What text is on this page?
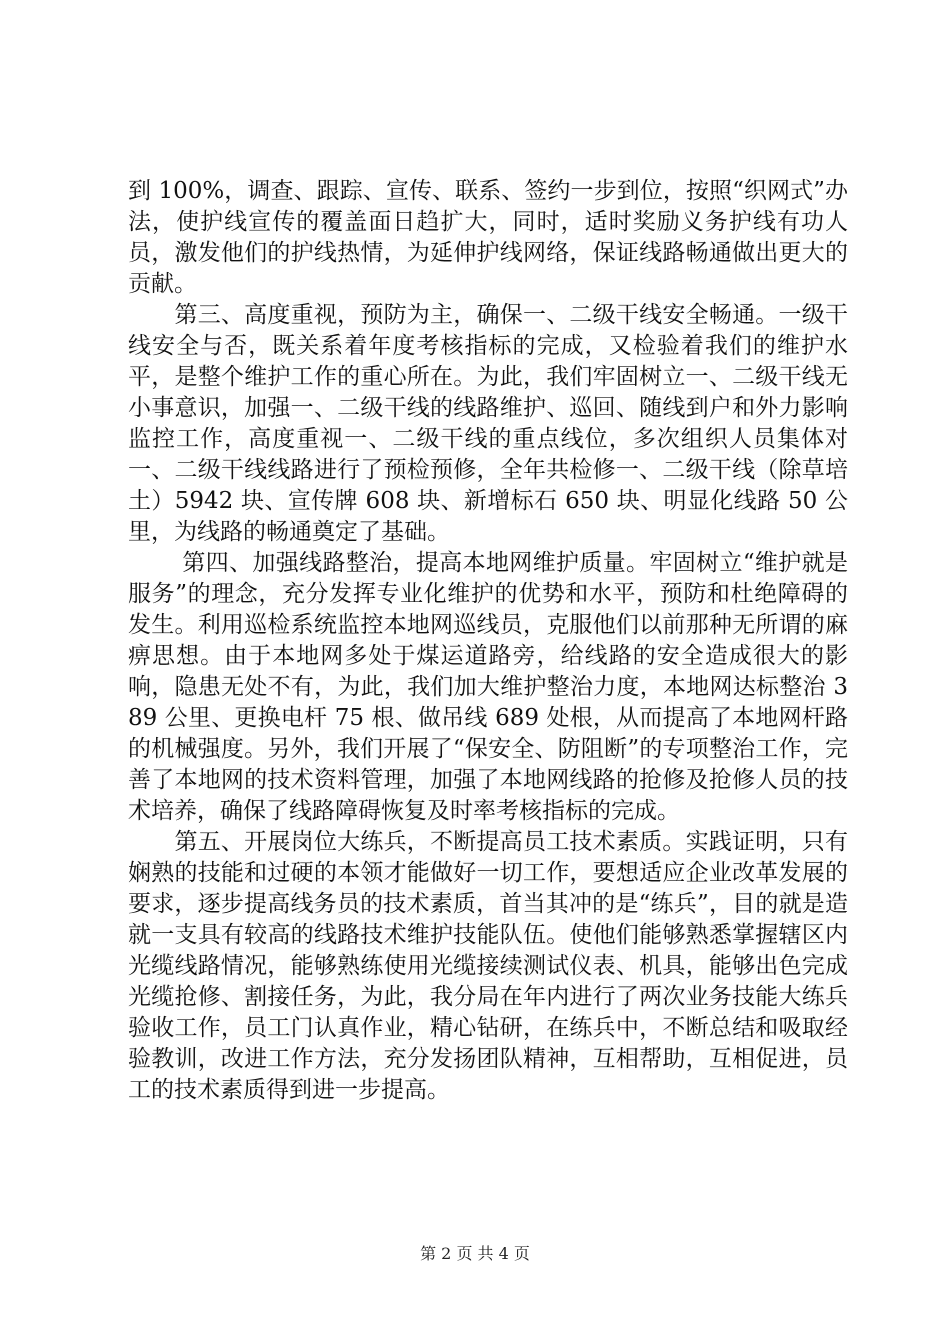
到 100%，调查、跟踪、宣传、联系、签约一步到位，按照“织网式”办法，使护线宣传的覆盖面日趋扩大，同时，适时奖励义务护线有功人员，激发他们的护线热情，为延伸护线网络，保证线路畅通做出更大的贡献。

　　第三、高度重视，预防为主，确保一、二级干线安全畅通。一级干线安全与否，既关系着年度考核指标的完成，又检验着我们的维护水平，是整个维护工作的重心所在。为此，我们牢固树立一、二级干线无小事意识，加强一、二级干线的线路维护、巡回、随线到户和外力影响监控工作，高度重视一、二级干线的重点线位，多次组织人员集体对一、二级干线线路进行了预检预修，全年共检修一、二级干线（除草培土）5942 块、宣传牌 608 块、新增标石 650 块、明显化线路 50 公里，为线路的畅通奠定了基础。

　　 第四、加强线路整治，提高本地网维护质量。牢固树立“维护就是服务”的理念，充分发挥专业化维护的优势和水平，预防和杜绝障碍的发生。利用巡检系统监控本地网巡线员，克服他们以前那种无所谓的麻痹思想。由于本地网多处于煤运道路旁，给线路的安全造成很大的影响，隐患无处不有，为此，我们加大维护整治力度，本地网达标整治 389 公里、更换电杆 75 根、做吊线 689 处根，从而提高了本地网杆路的机械强度。另外，我们开展了“保安全、防阻断”的专项整治工作，完善了本地网的技术资料管理，加强了本地网线路的抢修及抢修人员的技术培养，确保了线路障碍恢复及时率考核指标的完成。

　　第五、开展岗位大练兵，不断提高员工技术素质。实践证明，只有娴熟的技能和过硬的本领才能做好一切工作，要想适应企业改革发展的要求，逐步提高线务员的技术素质，首当其冲的是“练兵”，目的就是造就一支具有较高的线路技术维护技能队伍。使他们能够熟悉掌握辖区内光缆线路情况，能够熟练使用光缆接续测试仪表、机具，能够出色完成光缆抢修、割接任务，为此，我分局在年内进行了两次业务技能大练兵验收工作，员工门认真作业，精心钻研，在练兵中，不断总结和吸取经验教训，改进工作方法，充分发扬团队精神，互相帮助，互相促进，员工的技术素质得到进一步提高。

第 2 页 共 4 页
